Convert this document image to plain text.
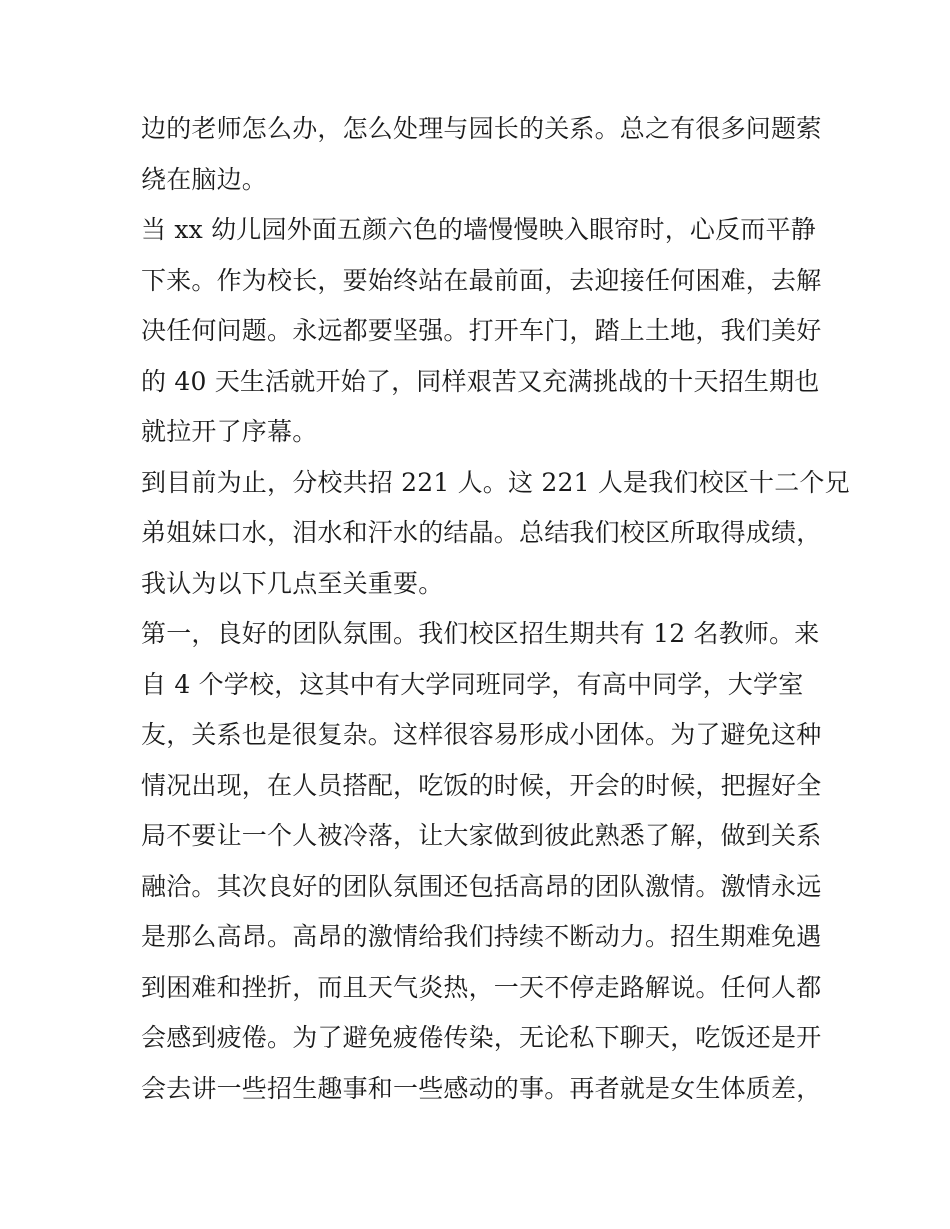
边的老师怎么办，怎么处理与园长的关系。总之有很多问题萦
绕在脑边。
当 xx 幼儿园外面五颜六色的墙慢慢映入眼帘时，心反而平静
下来。作为校长，要始终站在最前面，去迎接任何困难，去解
决任何问题。永远都要坚强。打开车门，踏上土地，我们美好
的 40 天生活就开始了，同样艰苦又充满挑战的十天招生期也
就拉开了序幕。
到目前为止，分校共招 221 人。这 221 人是我们校区十二个兄
弟姐妹口水，泪水和汗水的结晶。总结我们校区所取得成绩，
我认为以下几点至关重要。
第一，良好的团队氛围。我们校区招生期共有 12 名教师。来
自 4 个学校，这其中有大学同班同学，有高中同学，大学室
友，关系也是很复杂。这样很容易形成小团体。为了避免这种
情况出现，在人员搭配，吃饭的时候，开会的时候，把握好全
局不要让一个人被冷落，让大家做到彼此熟悉了解，做到关系
融洽。其次良好的团队氛围还包括高昂的团队激情。激情永远
是那么高昂。高昂的激情给我们持续不断动力。招生期难免遇
到困难和挫折，而且天气炎热，一天不停走路解说。任何人都
会感到疲倦。为了避免疲倦传染，无论私下聊天，吃饭还是开
会去讲一些招生趣事和一些感动的事。再者就是女生体质差，
